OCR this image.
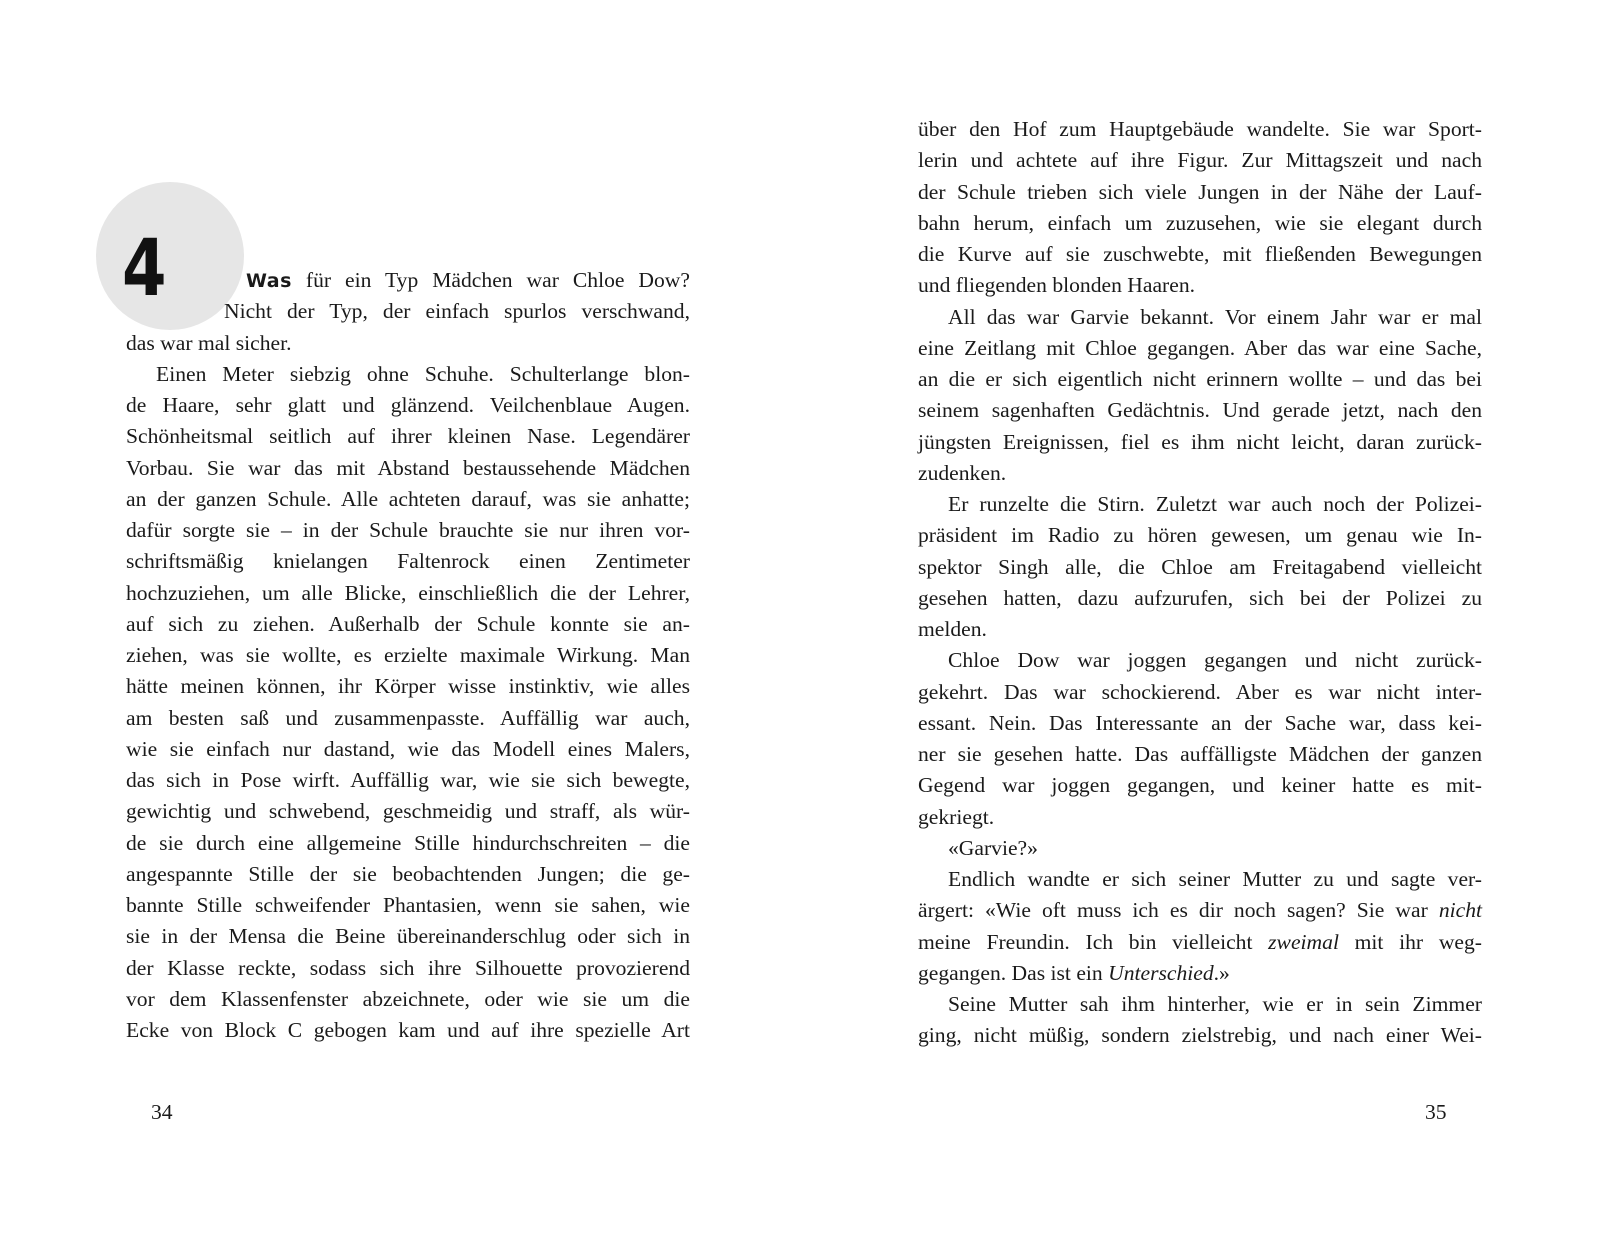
4	Was für ein Typ Mädchen war Chloe Dow?
Nicht der Typ, der einfach spurlos verschwand,
das war mal sicher.
Einen Meter siebzig ohne Schuhe. Schulterlange blon-
de Haare, sehr glatt und glänzend. Veilchenblaue Augen.
Schönheitsmal seitlich auf ihrer kleinen Nase. Legendärer
Vorbau. Sie war das mit Abstand bestaussehende Mädchen
an der ganzen Schule. Alle achteten darauf, was sie anhatte;
dafür sorgte sie – in der Schule brauchte sie nur ihren vor-
schriftsmäßig knielangen Faltenrock einen Zentimeter
hochzuziehen, um alle Blicke, einschließlich die der Lehrer,
auf sich zu ziehen. Außerhalb der Schule konnte sie an-
ziehen, was sie wollte, es erzielte maximale Wirkung. Man
hätte meinen können, ihr Körper wisse instinktiv, wie alles
am besten saß und zusammenpasste. Auffällig war auch,
wie sie einfach nur dastand, wie das Modell eines Malers,
das sich in Pose wirft. Auffällig war, wie sie sich bewegte,
gewichtig und schwebend, geschmeidig und straff, als wür-
de sie durch eine allgemeine Stille hindurchschreiten – die
angespannte Stille der sie beobachtenden Jungen; die ge-
bannte Stille schweifender Phantasien, wenn sie sahen, wie
sie in der Mensa die Beine übereinanderschlug oder sich in
der Klasse reckte, sodass sich ihre Silhouette provozierend
vor dem Klassenfenster abzeichnete, oder wie sie um die
Ecke von Block C gebogen kam und auf ihre spezielle Art
34
über den Hof zum Hauptgebäude wandelte. Sie war Sport-
lerin und achtete auf ihre Figur. Zur Mittagszeit und nach
der Schule trieben sich viele Jungen in der Nähe der Lauf-
bahn herum, einfach um zuzusehen, wie sie elegant durch
die Kurve auf sie zuschwebte, mit fließenden Bewegungen
und fliegenden blonden Haaren.
All das war Garvie bekannt. Vor einem Jahr war er mal
eine Zeitlang mit Chloe gegangen. Aber das war eine Sache,
an die er sich eigentlich nicht erinnern wollte – und das bei
seinem sagenhaften Gedächtnis. Und gerade jetzt, nach den
jüngsten Ereignissen, fiel es ihm nicht leicht, daran zurück-
zudenken.
Er runzelte die Stirn. Zuletzt war auch noch der Polizei-
präsident im Radio zu hören gewesen, um genau wie In-
spektor Singh alle, die Chloe am Freitagabend vielleicht
gesehen hatten, dazu aufzurufen, sich bei der Polizei zu
melden.
Chloe Dow war joggen gegangen und nicht zurück-
gekehrt. Das war schockierend. Aber es war nicht inter-
essant. Nein. Das Interessante an der Sache war, dass kei-
ner sie gesehen hatte. Das auffälligste Mädchen der ganzen
Gegend war joggen gegangen, und keiner hatte es mit-
gekriegt.
«Garvie?»
Endlich wandte er sich seiner Mutter zu und sagte ver-
ärgert: «Wie oft muss ich es dir noch sagen? Sie war nicht
meine Freundin. Ich bin vielleicht zweimal mit ihr weg-
gegangen. Das ist ein Unterschied.»
Seine Mutter sah ihm hinterher, wie er in sein Zimmer
ging, nicht müßig, sondern zielstrebig, und nach einer Wei-
35
